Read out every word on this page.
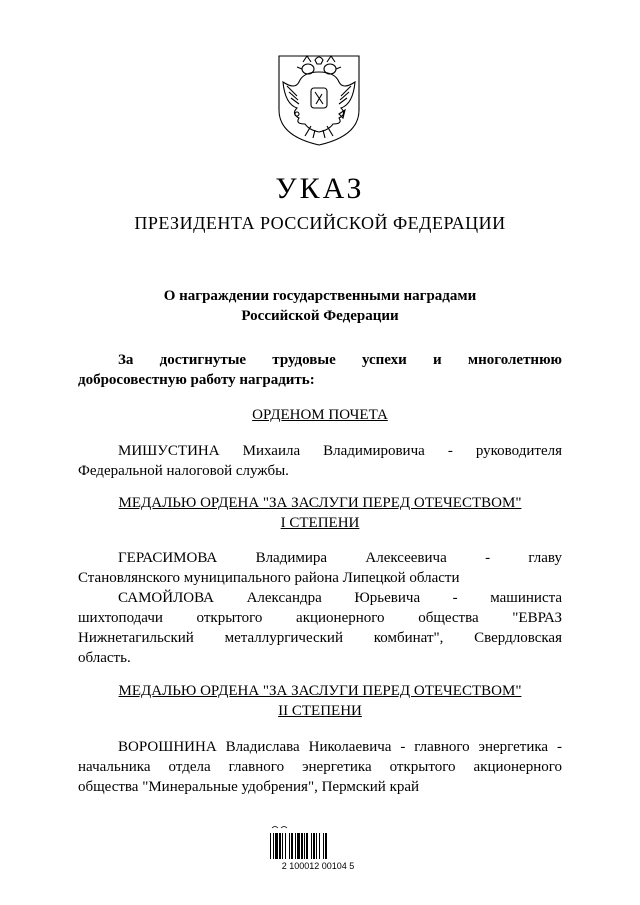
УКАЗ
ПРЕЗИДЕНТА РОССИЙСКОЙ ФЕДЕРАЦИИ
О награждении государственными наградами
Российской Федерации
За достигнутые трудовые успехи и многолетнюю
добросовестную работу наградить:
ОРДЕНОМ ПОЧЕТА
МИШУСТИНА Михаила Владимировича - руководителя
Федеральной налоговой службы.
МЕДАЛЬЮ ОРДЕНА "ЗА ЗАСЛУГИ ПЕРЕД ОТЕЧЕСТВОМ"
I СТЕПЕНИ
ГЕРАСИМОВА Владимира Алексеевича - главу
Становлянского муниципального района Липецкой области
САМОЙЛОВА Александра Юрьевича - машиниста
шихтоподачи открытого акционерного общества "ЕВРАЗ
Нижнетагильский металлургический комбинат", Свердловская
область.
МЕДАЛЬЮ ОРДЕНА "ЗА ЗАСЛУГИ ПЕРЕД ОТЕЧЕСТВОМ"
II СТЕПЕНИ
ВОРОШНИНА Владислава Николаевича - главного энергетика -
начальника отдела главного энергетика открытого акционерного
общества "Минеральные удобрения", Пермский край
2 100012 00104 5
